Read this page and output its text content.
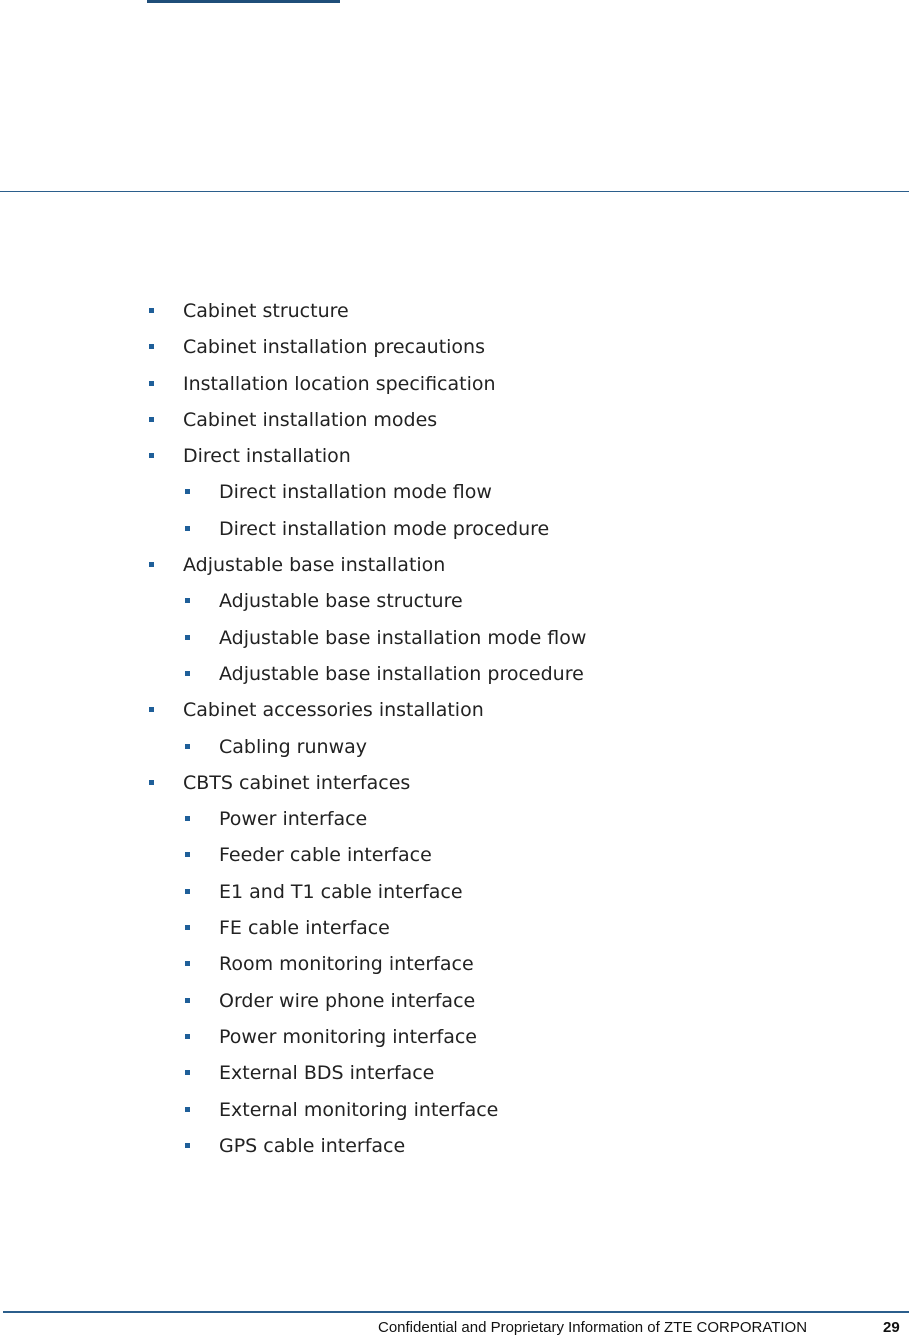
Cabinet structure
Cabinet installation precautions
Installation location specification
Cabinet installation modes
Direct installation
Direct installation mode flow
Direct installation mode procedure
Adjustable base installation
Adjustable base structure
Adjustable base installation mode flow
Adjustable base installation procedure
Cabinet accessories installation
Cabling runway
CBTS cabinet interfaces
Power interface
Feeder cable interface
E1 and T1 cable interface
FE cable interface
Room monitoring interface
Order wire phone interface
Power monitoring interface
External BDS interface
External monitoring interface
GPS cable interface
Confidential and Proprietary Information of ZTE CORPORATION	29
